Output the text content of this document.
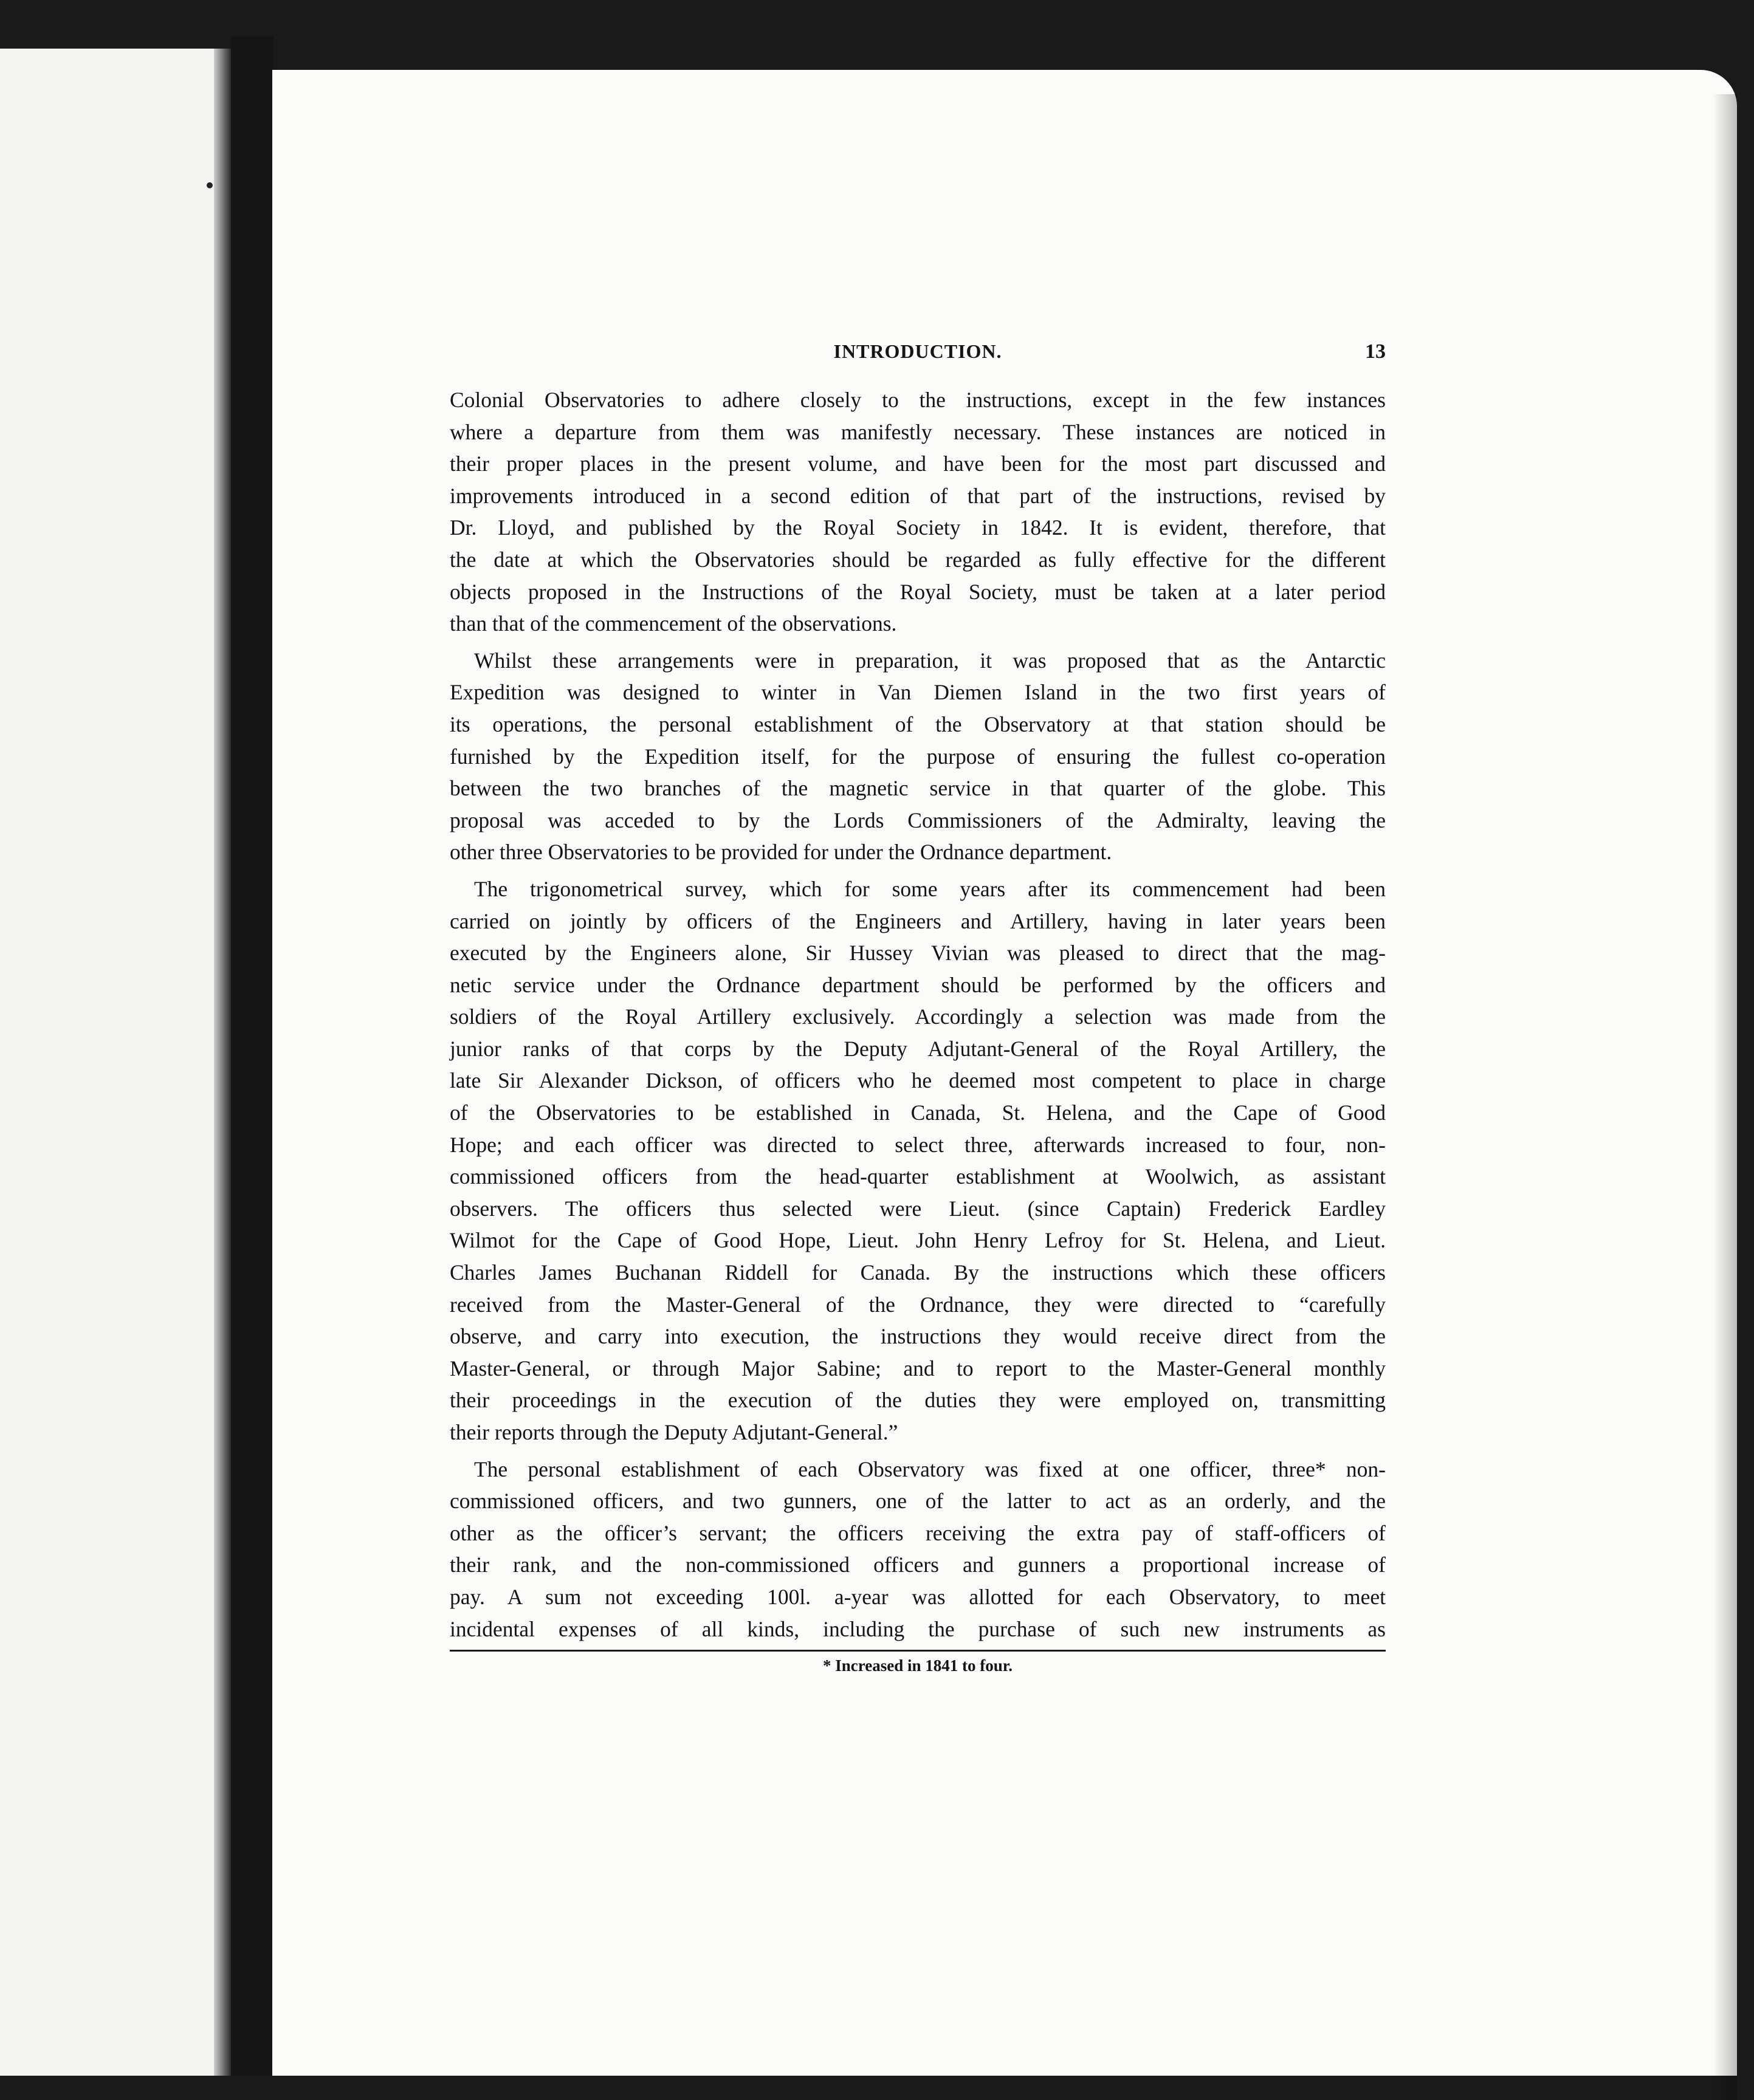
INTRODUCTION.	13
Colonial Observatories to adhere closely to the instructions, except in the few instances
where a departure from them was manifestly necessary. These instances are noticed in
their proper places in the present volume, and have been for the most part discussed and
improvements introduced in a second edition of that part of the instructions, revised by
Dr. Lloyd, and published by the Royal Society in 1842. It is evident, therefore, that
the date at which the Observatories should be regarded as fully effective for the different
objects proposed in the Instructions of the Royal Society, must be taken at a later period
than that of the commencement of the observations.
Whilst these arrangements were in preparation, it was proposed that as the Antarctic
Expedition was designed to winter in Van Diemen Island in the two first years of
its operations, the personal establishment of the Observatory at that station should be
furnished by the Expedition itself, for the purpose of ensuring the fullest co-operation
between the two branches of the magnetic service in that quarter of the globe. This
proposal was acceded to by the Lords Commissioners of the Admiralty, leaving the
other three Observatories to be provided for under the Ordnance department.
The trigonometrical survey, which for some years after its commencement had been
carried on jointly by officers of the Engineers and Artillery, having in later years been
executed by the Engineers alone, Sir Hussey Vivian was pleased to direct that the mag-
netic service under the Ordnance department should be performed by the officers and
soldiers of the Royal Artillery exclusively. Accordingly a selection was made from the
junior ranks of that corps by the Deputy Adjutant-General of the Royal Artillery, the
late Sir Alexander Dickson, of officers who he deemed most competent to place in charge
of the Observatories to be established in Canada, St. Helena, and the Cape of Good
Hope; and each officer was directed to select three, afterwards increased to four, non-
commissioned officers from the head-quarter establishment at Woolwich, as assistant
observers. The officers thus selected were Lieut. (since Captain) Frederick Eardley
Wilmot for the Cape of Good Hope, Lieut. John Henry Lefroy for St. Helena, and Lieut.
Charles James Buchanan Riddell for Canada. By the instructions which these officers
received from the Master-General of the Ordnance, they were directed to “carefully
observe, and carry into execution, the instructions they would receive direct from the
Master-General, or through Major Sabine; and to report to the Master-General monthly
their proceedings in the execution of the duties they were employed on, transmitting
their reports through the Deputy Adjutant-General.”
The personal establishment of each Observatory was fixed at one officer, three* non-
commissioned officers, and two gunners, one of the latter to act as an orderly, and the
other as the officer’s servant; the officers receiving the extra pay of staff-officers of
their rank, and the non-commissioned officers and gunners a proportional increase of
pay. A sum not exceeding 100l. a-year was allotted for each Observatory, to meet
incidental expenses of all kinds, including the purchase of such new instruments as
* Increased in 1841 to four.
